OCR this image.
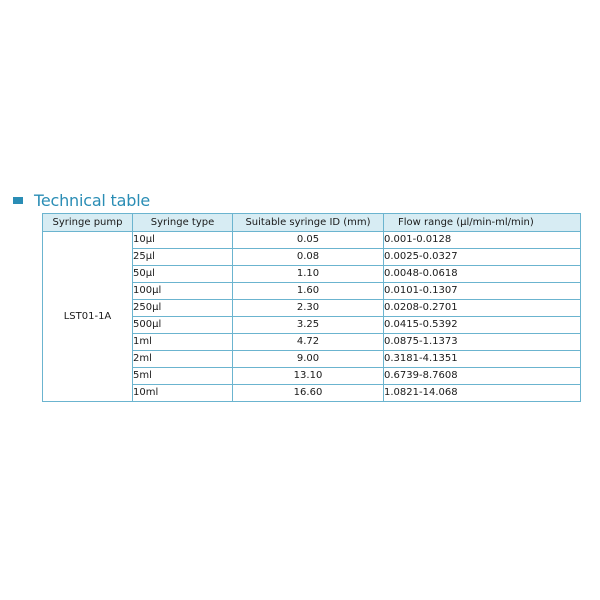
Technical table
Syringe pump	Syringe type	Suitable syringe ID (mm)	Flow range (μl/min-ml/min)
LST01-1A	10μl	0.05	0.001-0.0128
	25μl	0.08	0.0025-0.0327
	50μl	1.10	0.0048-0.0618
	100μl	1.60	0.0101-0.1307
	250μl	2.30	0.0208-0.2701
	500μl	3.25	0.0415-0.5392
	1ml	4.72	0.0875-1.1373
	2ml	9.00	0.3181-4.1351
	5ml	13.10	0.6739-8.7608
	10ml	16.60	1.0821-14.068
